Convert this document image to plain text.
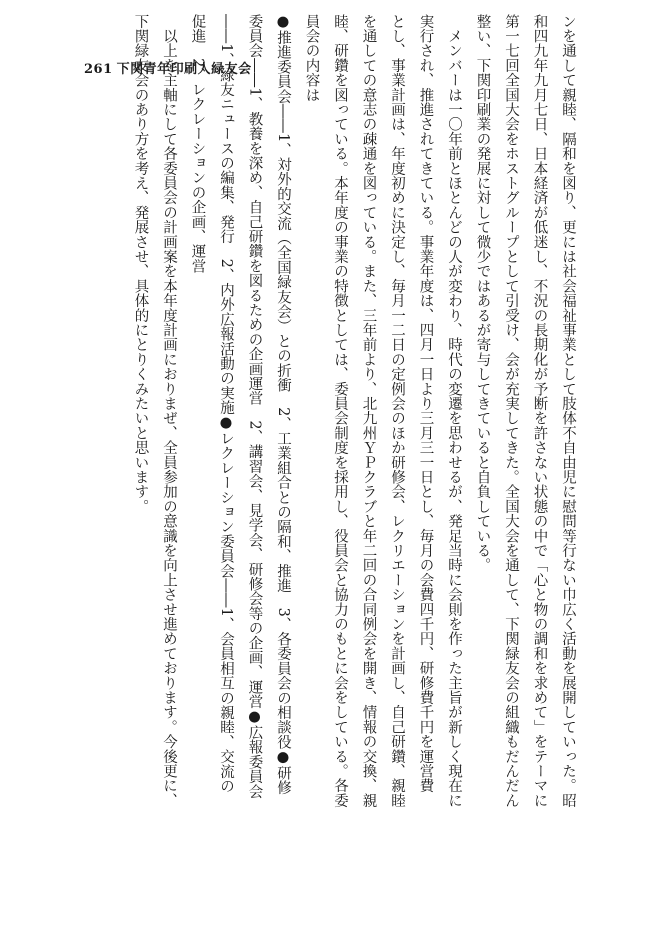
261 下関青年印刷人緑友会	ンを通して親睦、隔和を図り、更には社会福祉事業として肢体不自由児に慰問等行ない巾広く活動を展開していった。昭
和四九年九月七日、日本経済が低迷し、不況の長期化が予断を許さない状態の中で「心と物の調和を求めて」をテーマに
第一七回全国大会をホストグループとして引受け、会が充実してきた。全国大会を通して、下関緑友会の組織もだんだん
整い、下関印刷業の発展に対して微少ではあるが寄与してきていると自負している。
　メンバーは一〇年前とほとんどの人が変わり、時代の変遷を思わせるが、発足当時に会則を作った主旨が新しく現在に
実行され、推進されてきている。事業年度は、四月一日より三月三一日とし、毎月の会費四千円、研修費千円を運営費
とし、事業計画は、年度初めに決定し、毎月一二日の定例会のほか研修会、レクリエーションを計画し、自己研鑽、親睦
を通しての意志の疎通を図っている。また、三年前より、北九州ＹＰクラブと年二回の合同例会を開き、情報の交換、親
睦、研鑽を図っている。本年度の事業の特徴としては、委員会制度を採用し、役員会と協力のもとに会をしている。各委
員会の内容は
●推進委員会――1、対外的交流（全国緑友会）との折衝　2、工業組合との隔和、推進　3、各委員会の相談役●研修
委員会――1、教養を深め、自己研鑽を図るための企画運営　2、講習会、見学会、研修会等の企画、運営●広報委員会
――1、緑友ニュースの編集、発行　2、内外広報活動の実施●レクレーション委員会――1、会員相互の親睦、交流の
促進　2、レクレーションの企画、運営
　以上を主軸にして各委員会の計画案を本年度計画におりまぜ、全員参加の意識を向上させ進めております。今後更に、
下関緑友会のあり方を考え、発展させ、具体的にとりくみたいと思います。
